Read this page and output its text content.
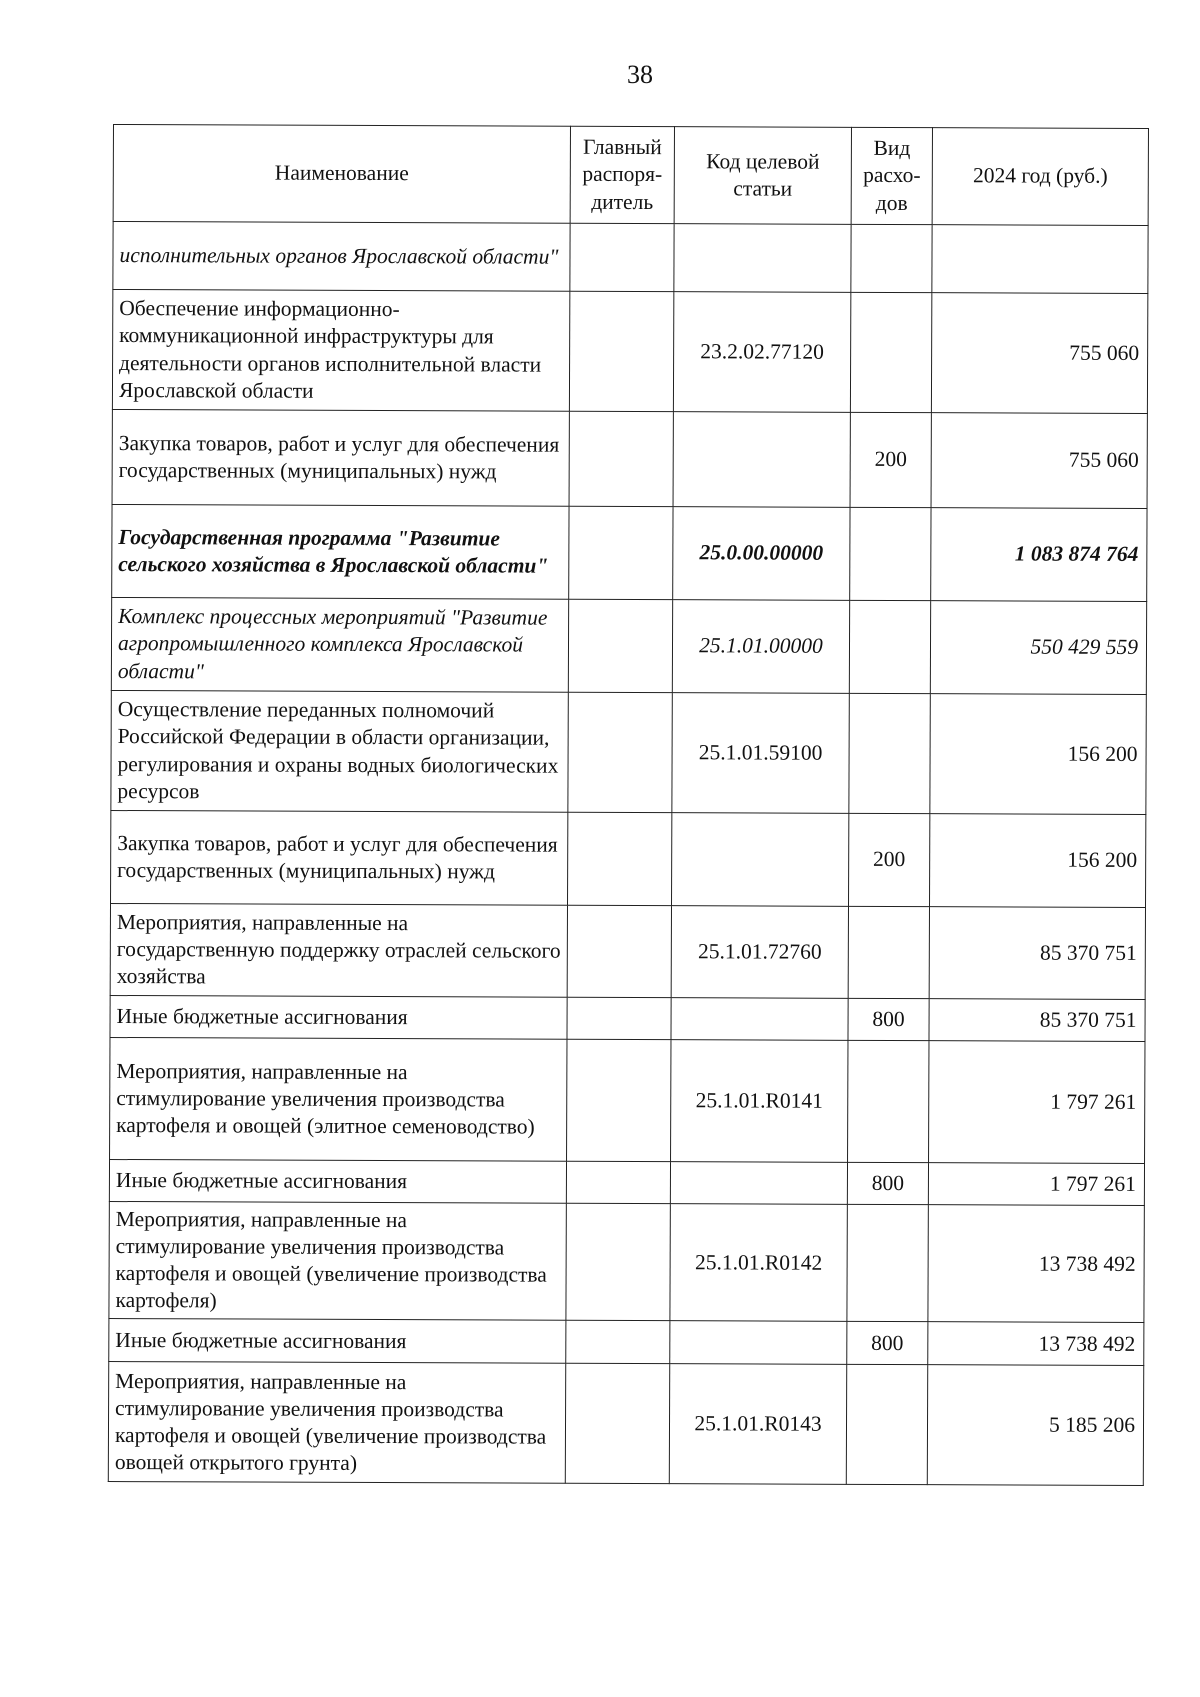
38
Наименование	Главный распоря-дитель	Код целевой статьи	Вид расхо-дов	2024 год (руб.)
исполнительных органов Ярославской области"				
Обеспечение информационно-коммуникационной инфраструктуры для деятельности органов исполнительной власти Ярославской области		23.2.02.77120		755 060
Закупка товаров, работ и услуг для обеспечения государственных (муниципальных) нужд			200	755 060
Государственная программа "Развитие сельского хозяйства в Ярославской области"		25.0.00.00000		1 083 874 764
Комплекс процессных мероприятий "Развитие агропромышленного комплекса Ярославской области"		25.1.01.00000		550 429 559
Осуществление переданных полномочий Российской Федерации в области организации, регулирования и охраны водных биологических ресурсов		25.1.01.59100		156 200
Закупка товаров, работ и услуг для обеспечения государственных (муниципальных) нужд			200	156 200
Мероприятия, направленные на государственную поддержку отраслей сельского хозяйства		25.1.01.72760		85 370 751
Иные бюджетные ассигнования			800	85 370 751
Мероприятия, направленные на стимулирование увеличения производства картофеля и овощей (элитное семеноводство)		25.1.01.R0141		1 797 261
Иные бюджетные ассигнования			800	1 797 261
Мероприятия, направленные на стимулирование увеличения производства картофеля и овощей (увеличение производства картофеля)		25.1.01.R0142		13 738 492
Иные бюджетные ассигнования			800	13 738 492
Мероприятия, направленные на стимулирование увеличения производства картофеля и овощей (увеличение производства овощей открытого грунта)		25.1.01.R0143		5 185 206
